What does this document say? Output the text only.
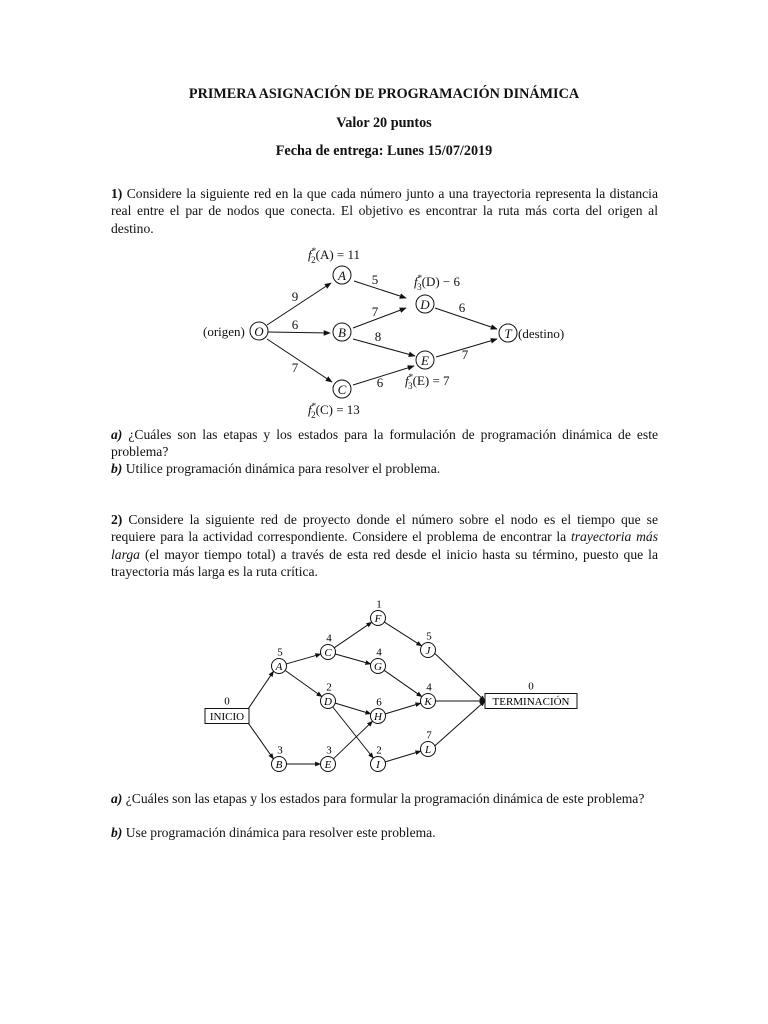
PRIMERA ASIGNACIÓN DE PROGRAMACIÓN DINÁMICA
Valor 20 puntos
Fecha de entrega: Lunes 15/07/2019
1) Considere la siguiente red en la que cada número junto a una trayectoria representa la distancia real entre el par de nodos que conecta. El objetivo es encontrar la ruta más corta del origen al destino.
O
A
B
C
D
E
T
(origen)	(destino)
9
6
7
5
7
8
6
6
7
f* 2(A) = 11
f* 3(D) − 6
f* 3(E) = 7
f* 2(C) = 13
a) ¿Cuáles son las etapas y los estados para la formulación de programación dinámica de este problema?
b) Utilice programación dinámica para resolver el problema.
2) Considere la siguiente red de proyecto donde el número sobre el nodo es el tiempo que se requiere para la actividad correspondiente. Considere el problema de encontrar la trayectoria más larga (el mayor tiempo total) a través de esta red desde el inicio hasta su término, puesto que la trayectoria más larga es la ruta crítica.
INICIO
0
A
5
B
3
C
4
D
2
E
3
F
1
G
4
H
6
I
2
J
5
K
4
L
7
TERMINACIÓN
0
a) ¿Cuáles son las etapas y los estados para formular la programación dinámica de este problema?
b) Use programación dinámica para resolver este problema.
